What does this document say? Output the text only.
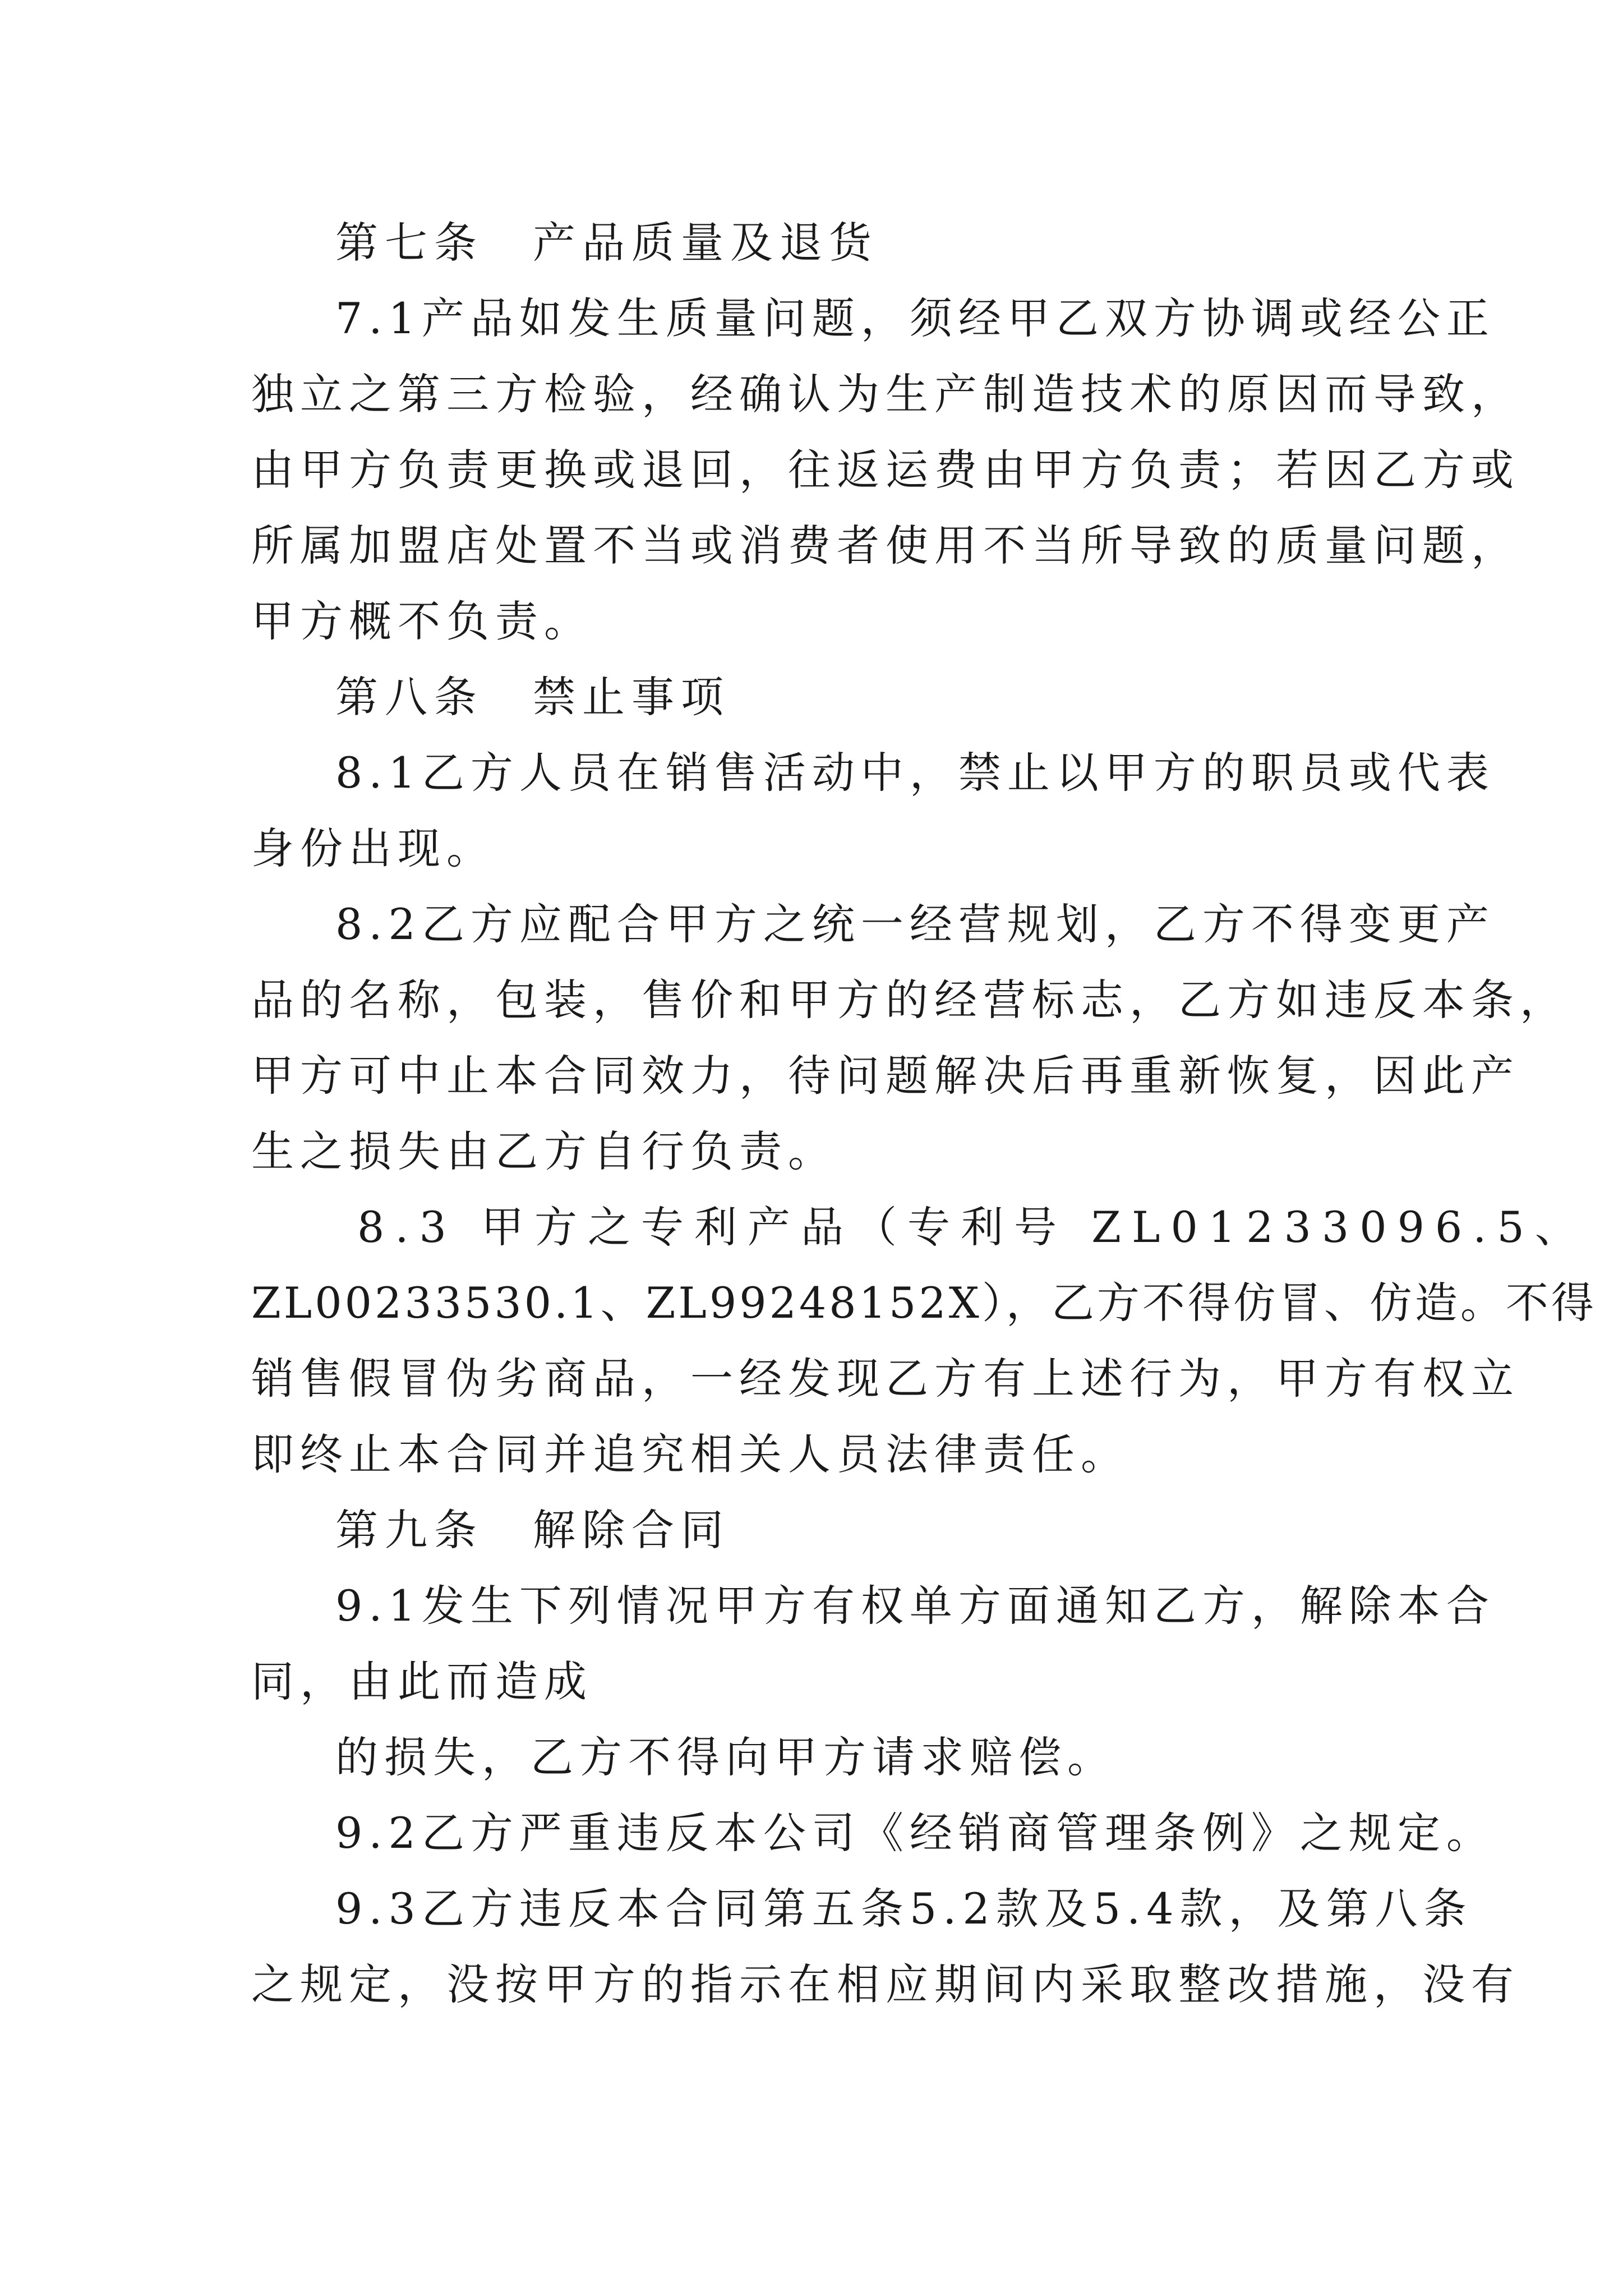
第七条　产品质量及退货

7.1产品如发生质量问题，须经甲乙双方协调或经公正

独立之第三方检验，经确认为生产制造技术的原因而导致，

由甲方负责更换或退回，往返运费由甲方负责；若因乙方或

所属加盟店处置不当或消费者使用不当所导致的质量问题，

甲方概不负责。

第八条　禁止事项

8.1乙方人员在销售活动中，禁止以甲方的职员或代表

身份出现。

8.2乙方应配合甲方之统一经营规划，乙方不得变更产

品的名称，包装，售价和甲方的经营标志，乙方如违反本条，

甲方可中止本合同效力，待问题解决后再重新恢复，因此产

生之损失由乙方自行负责。

8.3 甲方之专利产品（专利号 ZL01233096.5、

ZL00233530.1、ZL99248152X），乙方不得仿冒、仿造。不得

销售假冒伪劣商品，一经发现乙方有上述行为，甲方有权立

即终止本合同并追究相关人员法律责任。

第九条　解除合同

9.1发生下列情况甲方有权单方面通知乙方，解除本合

同，由此而造成

的损失，乙方不得向甲方请求赔偿。

9.2乙方严重违反本公司《经销商管理条例》之规定。

9.3乙方违反本合同第五条5.2款及5.4款，及第八条

之规定，没按甲方的指示在相应期间内采取整改措施，没有
